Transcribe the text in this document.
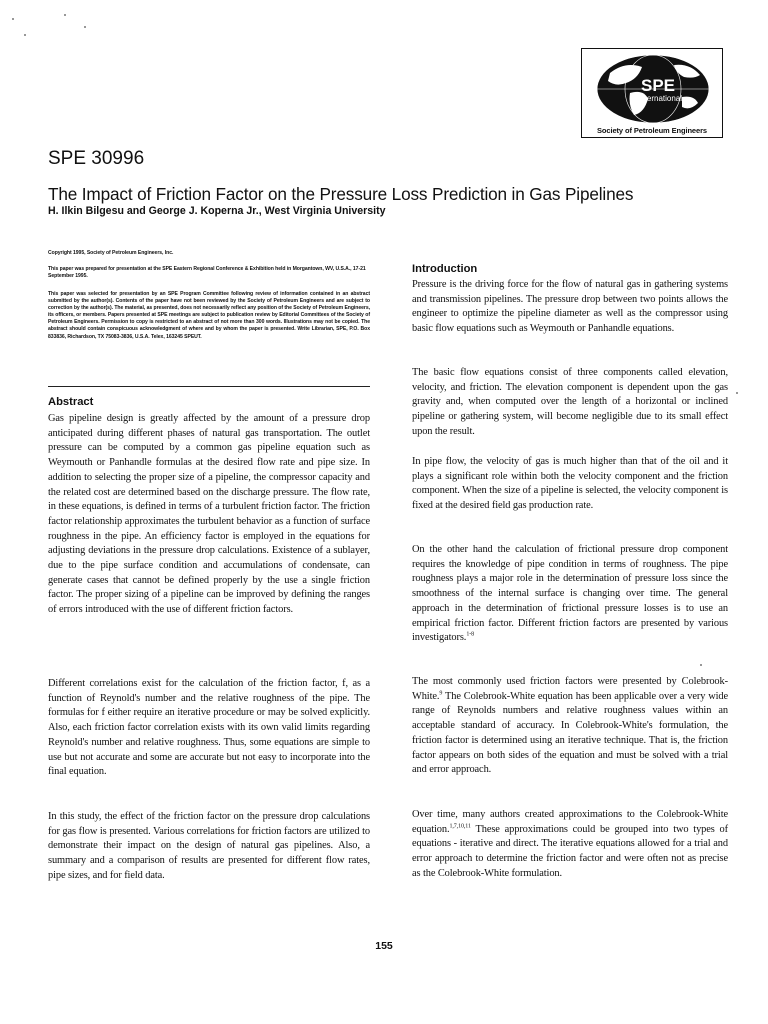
SPE
International
Society of Petroleum Engineers
SPE 30996
The Impact of Friction Factor on the Pressure Loss Prediction in Gas Pipelines
H. Ilkin Bilgesu and George J. Koperna Jr., West Virginia University
Copyright 1995, Society of Petroleum Engineers, Inc.
This paper was prepared for presentation at the SPE Eastern Regional Conference & Exhibition held in Morgantown, WV, U.S.A., 17-21 September 1995.
This paper was selected for presentation by an SPE Program Committee following review of information contained in an abstract submitted by the author(s). Contents of the paper have not been reviewed by the Society of Petroleum Engineers and are subject to correction by the author(s). The material, as presented, does not necessarily reflect any position of the Society of Petroleum Engineers, its officers, or members. Papers presented at SPE meetings are subject to publication review by Editorial Committees of the Society of Petroleum Engineers. Permission to copy is restricted to an abstract of not more than 300 words. Illustrations may not be copied. The abstract should contain conspicuous acknowledgment of where and by whom the paper is presented. Write Librarian, SPE, P.O. Box 833836, Richardson, TX 75083-3836, U.S.A. Telex, 163245 SPEUT.
Abstract
Gas pipeline design is greatly affected by the amount of a pressure drop anticipated during different phases of natural gas transportation. The outlet pressure can be computed by a common gas pipeline equation such as Weymouth or Panhandle formulas at the desired flow rate and pipe size. In addition to selecting the proper size of a pipeline, the compressor capacity and the related cost are determined based on the discharge pressure. The flow rate, in these equations, is defined in terms of a turbulent friction factor. The friction factor relationship approximates the turbulent behavior as a function of surface roughness in the pipe. An efficiency factor is employed in the equations for adjusting deviations in the pressure drop calculations. Existence of a sublayer, due to the pipe surface condition and accumulations of condensate, can generate cases that cannot be defined properly by the use a single friction factor. The proper sizing of a pipeline can be improved by defining the ranges of errors introduced with the use of different friction factors.
Different correlations exist for the calculation of the friction factor, f, as a function of Reynold's number and the relative roughness of the pipe. The formulas for f either require an iterative procedure or may be solved explicitly. Also, each friction factor correlation exists with its own valid limits regarding Reynold's number and relative roughness. Thus, some equations are simple to use but not accurate and some are accurate but not easy to incorporate into the final equation.
In this study, the effect of the friction factor on the pressure drop calculations for gas flow is presented. Various correlations for friction factors are utilized to demonstrate their impact on the design of natural gas pipelines. Also, a summary and a comparison of results are presented for different flow rates, pipe sizes, and for field data.
Introduction
Pressure is the driving force for the flow of natural gas in gathering systems and transmission pipelines. The pressure drop between two points allows the engineer to optimize the pipeline diameter as well as the compressor using basic flow equations such as Weymouth or Panhandle equations.
The basic flow equations consist of three components called elevation, velocity, and friction. The elevation component is dependent upon the gas gravity and, when computed over the length of a horizontal or inclined pipeline or gathering system, will become negligible due to its small effect upon the result.
In pipe flow, the velocity of gas is much higher than that of the oil and it plays a significant role within both the velocity component and the friction component. When the size of a pipeline is selected, the velocity component is fixed at the desired field gas production rate.
On the other hand the calculation of frictional pressure drop component requires the knowledge of pipe condition in terms of roughness. The pipe roughness plays a major role in the determination of pressure loss since the smoothness of the internal surface is changing over time. The general approach in the determination of frictional pressure losses is to use an empirical friction factor. Different friction factors are presented by various investigators.$^{1-8}$
The most commonly used friction factors were presented by Colebrook-White.$^9$ The Colebrook-White equation has been applicable over a very wide range of Reynolds numbers and relative roughness values within an acceptable standard of accuracy. In Colebrook-White's formulation, the friction factor is determined using an iterative technique. That is, the friction factor appears on both sides of the equation and must be solved with a trial and error approach.
Over time, many authors created approximations to the Colebrook-White equation.$^{1,7,10,11}$ These approximations could be grouped into two types of equations - iterative and direct. The iterative equations allowed for a trial and error approach to determine the friction factor and were often not as precise as the Colebrook-White formulation.
155
